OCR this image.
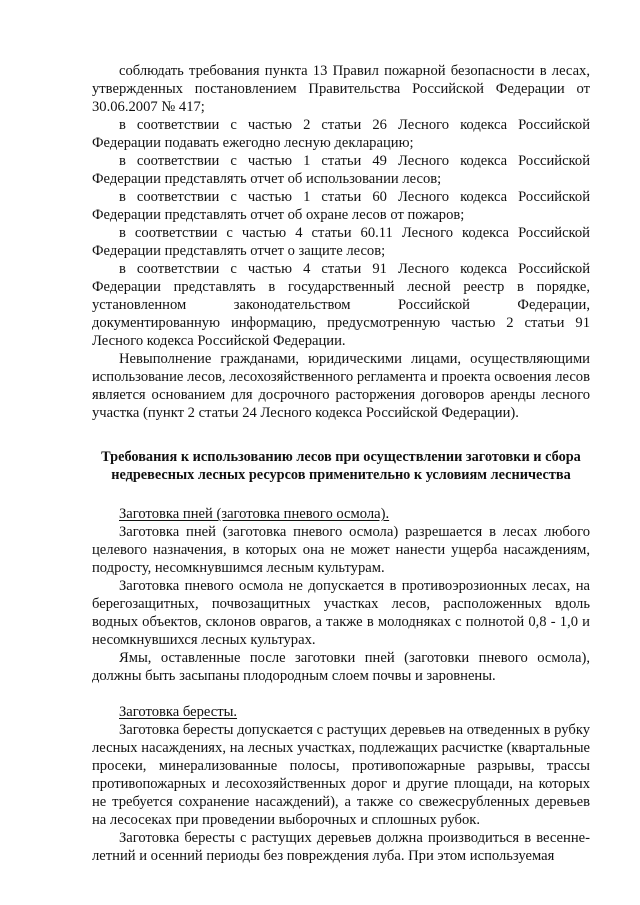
соблюдать требования пункта 13 Правил пожарной безопасности в лесах, утвержденных постановлением Правительства Российской Федерации от 30.06.2007 № 417;

в соответствии с частью 2 статьи 26 Лесного кодекса Российской Федерации подавать ежегодно лесную декларацию;

в соответствии с частью 1 статьи 49 Лесного кодекса Российской Федерации представлять отчет об использовании лесов;

в соответствии с частью 1 статьи 60 Лесного кодекса Российской Федерации представлять отчет об охране лесов от пожаров;

в соответствии с частью 4 статьи 60.11 Лесного кодекса Российской Федерации представлять отчет о защите лесов;

в соответствии с частью 4 статьи 91 Лесного кодекса Российской Федерации представлять в государственный лесной реестр в порядке, установленном законодательством Российской Федерации, документированную информацию, предусмотренную частью 2 статьи 91 Лесного кодекса Российской Федерации.

Невыполнение гражданами, юридическими лицами, осуществляющими использование лесов, лесохозяйственного регламента и проекта освоения лесов является основанием для досрочного расторжения договоров аренды лесного участка (пункт 2 статьи 24 Лесного кодекса Российской Федерации).

Требования к использованию лесов при осуществлении заготовки и сбора недревесных лесных ресурсов применительно к условиям лесничества

Заготовка пней (заготовка пневого осмола).

Заготовка пней (заготовка пневого осмола) разрешается в лесах любого целевого назначения, в которых она не может нанести ущерба насаждениям, подросту, несомкнувшимся лесным культурам.

Заготовка пневого осмола не допускается в противоэрозионных лесах, на берегозащитных, почвозащитных участках лесов, расположенных вдоль водных объектов, склонов оврагов, а также в молодняках с полнотой 0,8 - 1,0 и несомкнувшихся лесных культурах.

Ямы, оставленные после заготовки пней (заготовки пневого осмола), должны быть засыпаны плодородным слоем почвы и заровнены.

Заготовка бересты.

Заготовка бересты допускается с растущих деревьев на отведенных в рубку лесных насаждениях, на лесных участках, подлежащих расчистке (квартальные просеки, минерализованные полосы, противопожарные разрывы, трассы противопожарных и лесохозяйственных дорог и другие площади, на которых не требуется сохранение насаждений), а также со свежесрубленных деревьев на лесосеках при проведении выборочных и сплошных рубок.

Заготовка бересты с растущих деревьев должна производиться в весенне-летний и осенний периоды без повреждения луба. При этом используемая
